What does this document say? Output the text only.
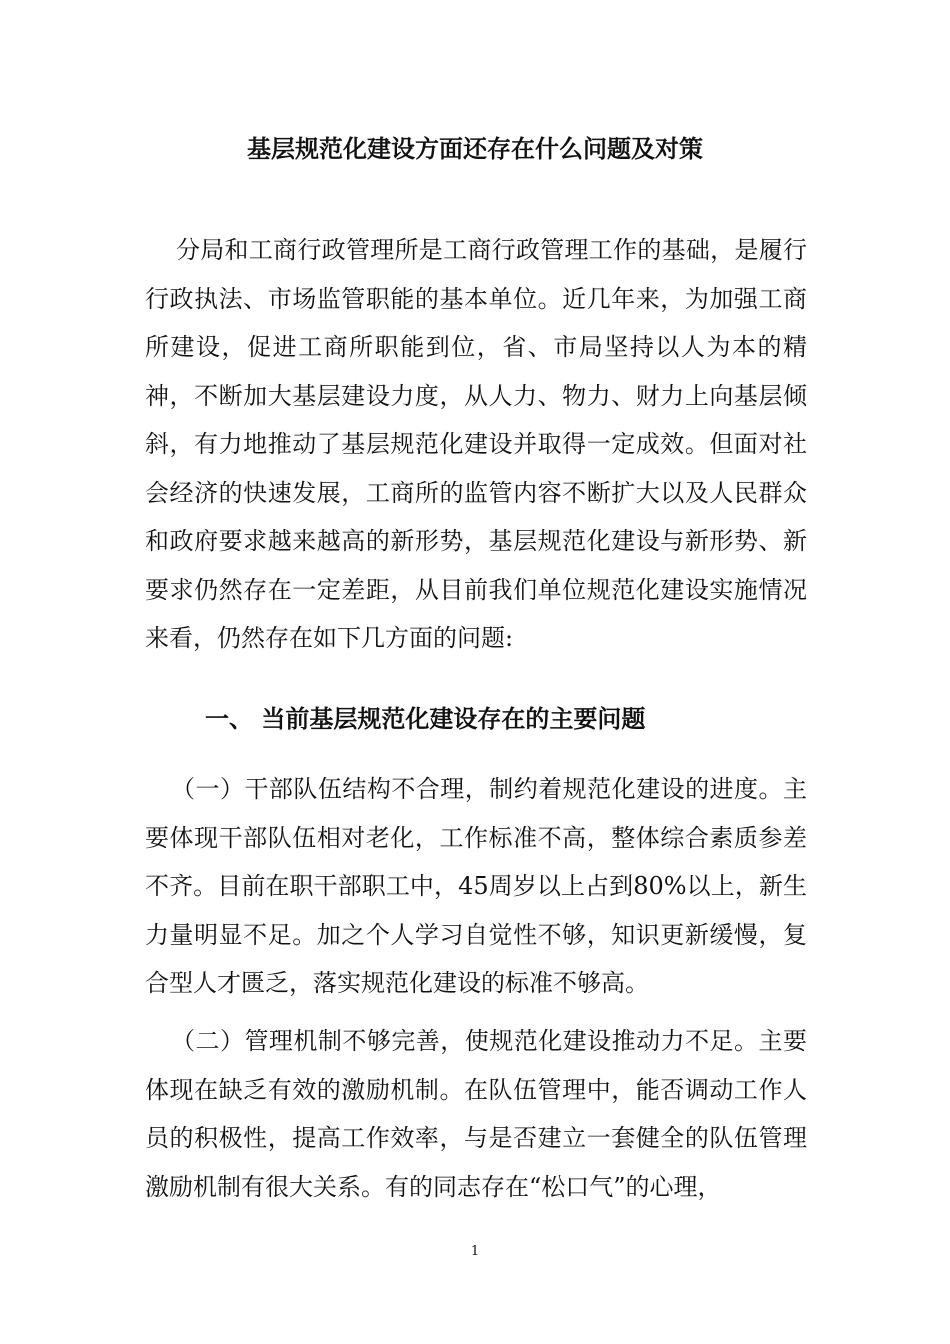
基层规范化建设方面还存在什么问题及对策

分局和工商行政管理所是工商行政管理工作的基础，是履行行政执法、市场监管职能的基本单位。近几年来，为加强工商所建设，促进工商所职能到位，省、市局坚持以人为本的精神，不断加大基层建设力度，从人力、物力、财力上向基层倾斜，有力地推动了基层规范化建设并取得一定成效。但面对社会经济的快速发展，工商所的监管内容不断扩大以及人民群众和政府要求越来越高的新形势，基层规范化建设与新形势、新要求仍然存在一定差距，从目前我们单位规范化建设实施情况来看，仍然存在如下几方面的问题:

一、 当前基层规范化建设存在的主要问题

（一）干部队伍结构不合理，制约着规范化建设的进度。主要体现干部队伍相对老化，工作标准不高，整体综合素质参差不齐。目前在职干部职工中，45周岁以上占到80%以上，新生力量明显不足。加之个人学习自觉性不够，知识更新缓慢，复合型人才匮乏，落实规范化建设的标准不够高。

（二）管理机制不够完善，使规范化建设推动力不足。主要体现在缺乏有效的激励机制。在队伍管理中，能否调动工作人员的积极性，提高工作效率，与是否建立一套健全的队伍管理激励机制有很大关系。有的同志存在“松口气”的心理，

1
